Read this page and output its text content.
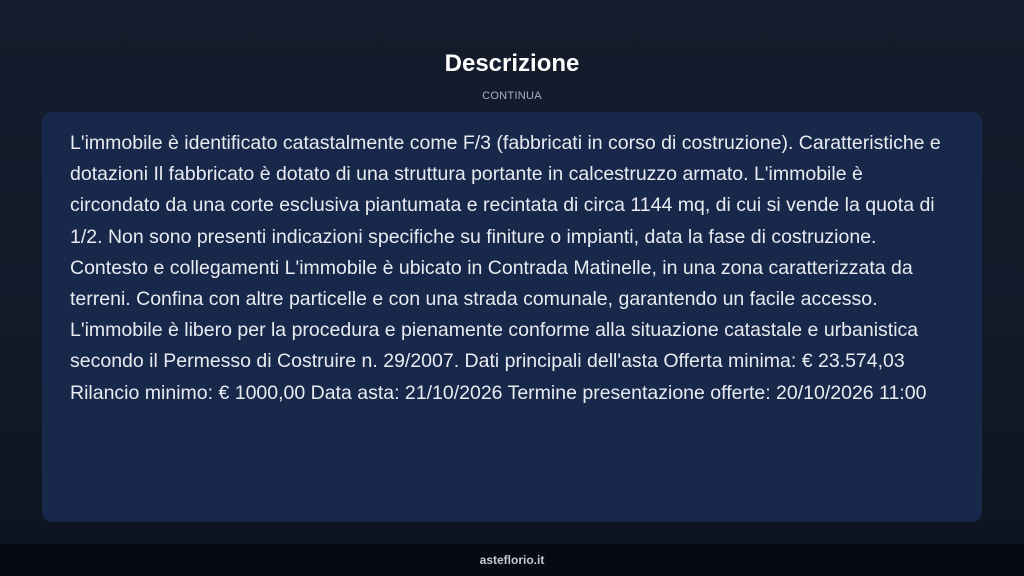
Descrizione
CONTINUA

L'immobile è identificato catastalmente come F/3 (fabbricati in corso di costruzione). Caratteristiche e dotazioni Il fabbricato è dotato di una struttura portante in calcestruzzo armato. L'immobile è circondato da una corte esclusiva piantumata e recintata di circa 1144 mq, di cui si vende la quota di 1/2. Non sono presenti indicazioni specifiche su finiture o impianti, data la fase di costruzione. Contesto e collegamenti L'immobile è ubicato in Contrada Matinelle, in una zona caratterizzata da terreni. Confina con altre particelle e con una strada comunale, garantendo un facile accesso. L'immobile è libero per la procedura e pienamente conforme alla situazione catastale e urbanistica secondo il Permesso di Costruire n. 29/2007. Dati principali dell'asta Offerta minima: € 23.574,03 Rilancio minimo: € 1000,00 Data asta: 21/10/2026 Termine presentazione offerte: 20/10/2026 11:00

asteflorio.it
